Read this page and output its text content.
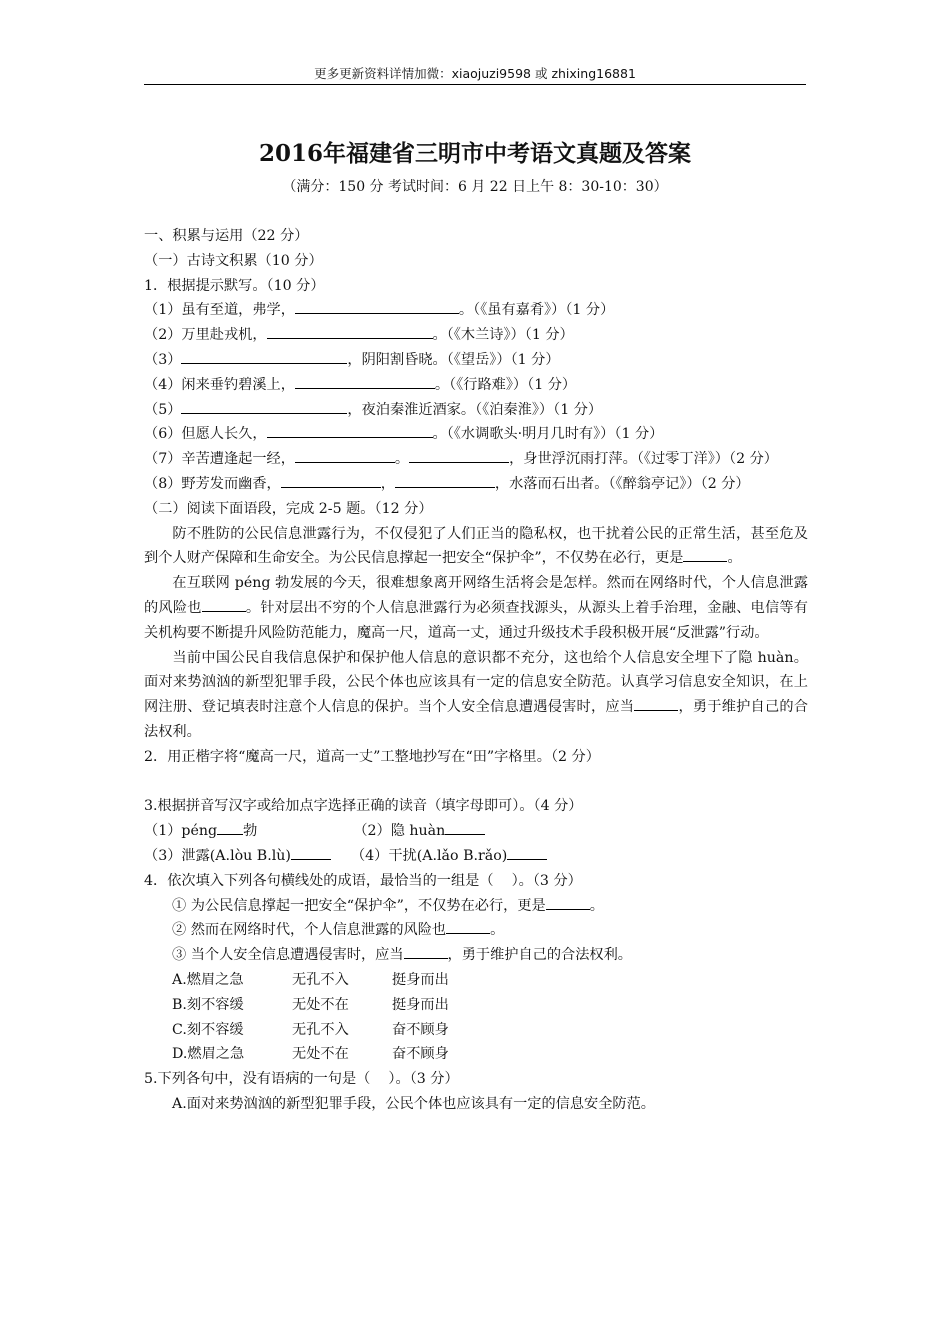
更多更新资料详情加微：xiaojuzi9598 或 zhixing16881
2016年福建省三明市中考语文真题及答案
（满分：150 分 考试时间：6 月 22 日上午 8：30-10：30）
一、积累与运用（22 分）
（一）古诗文积累（10 分）
1．根据提示默写。（10 分）
（1）虽有至道，弗学，	。（《虽有嘉肴》）（1 分）
（2）万里赴戎机，	。（《木兰诗》）（1 分）
（3）	，阴阳割昏晓。（《望岳》）（1 分）
（4）闲来垂钓碧溪上，	。（《行路难》）（1 分）
（5）	，夜泊秦淮近酒家。（《泊秦淮》）（1 分）
（6）但愿人长久，	。（《水调歌头·明月几时有》）（1 分）
（7）辛苦遭逢起一经，	。	，身世浮沉雨打萍。（《过零丁洋》）（2 分）
（8）野芳发而幽香，	，	，水落而石出者。（《醉翁亭记》）（2 分）
（二）阅读下面语段，完成 2-5 题。（12 分）
防不胜防的公民信息泄露行为，不仅侵犯了人们正当的隐私权，也干扰着公民的正常生活，甚至危及到个人财产保障和生命安全。为公民信息撑起一把安全“保护伞”，不仅势在必行，更是	。
在互联网 péng 勃发展的今天，很难想象离开网络生活将会是怎样。然而在网络时代，个人信息泄露的风险也	。针对层出不穷的个人信息泄露行为必须查找源头，从源头上着手治理，金融、电信等有关机构要不断提升风险防范能力，魔高一尺，道高一丈，通过升级技术手段积极开展“反泄露”行动。
当前中国公民自我信息保护和保护他人信息的意识都不充分，这也给个人信息安全埋下了隐 huàn。面对来势汹汹的新型犯罪手段，公民个体也应该具有一定的信息安全防范。认真学习信息安全知识，在上网注册、登记填表时注意个人信息的保护。当个人安全信息遭遇侵害时，应当	，勇于维护自己的合法权利。
2．用正楷字将“魔高一尺，道高一丈”工整地抄写在“田”字格里。（2 分）
3.根据拼音写汉字或给加点字选择正确的读音（填字母即可）。（4 分）
（1）péng 勃	（2）隐 huàn
（3）泄露(A.lòu B.lù)	（4）干扰(A.lǎo B.rǎo)
4．依次填入下列各句横线处的成语，最恰当的一组是（    ）。（3 分）
① 为公民信息撑起一把安全“保护伞”，不仅势在必行，更是	。
② 然而在网络时代，个人信息泄露的风险也	。
③ 当个人安全信息遭遇侵害时，应当	，勇于维护自己的合法权利。
A.燃眉之急	无孔不入	挺身而出
B.刻不容缓	无处不在	挺身而出
C.刻不容缓	无孔不入	奋不顾身
D.燃眉之急	无处不在	奋不顾身
5.下列各句中，没有语病的一句是（    ）。（3 分）
A.面对来势汹汹的新型犯罪手段，公民个体也应该具有一定的信息安全防范。
